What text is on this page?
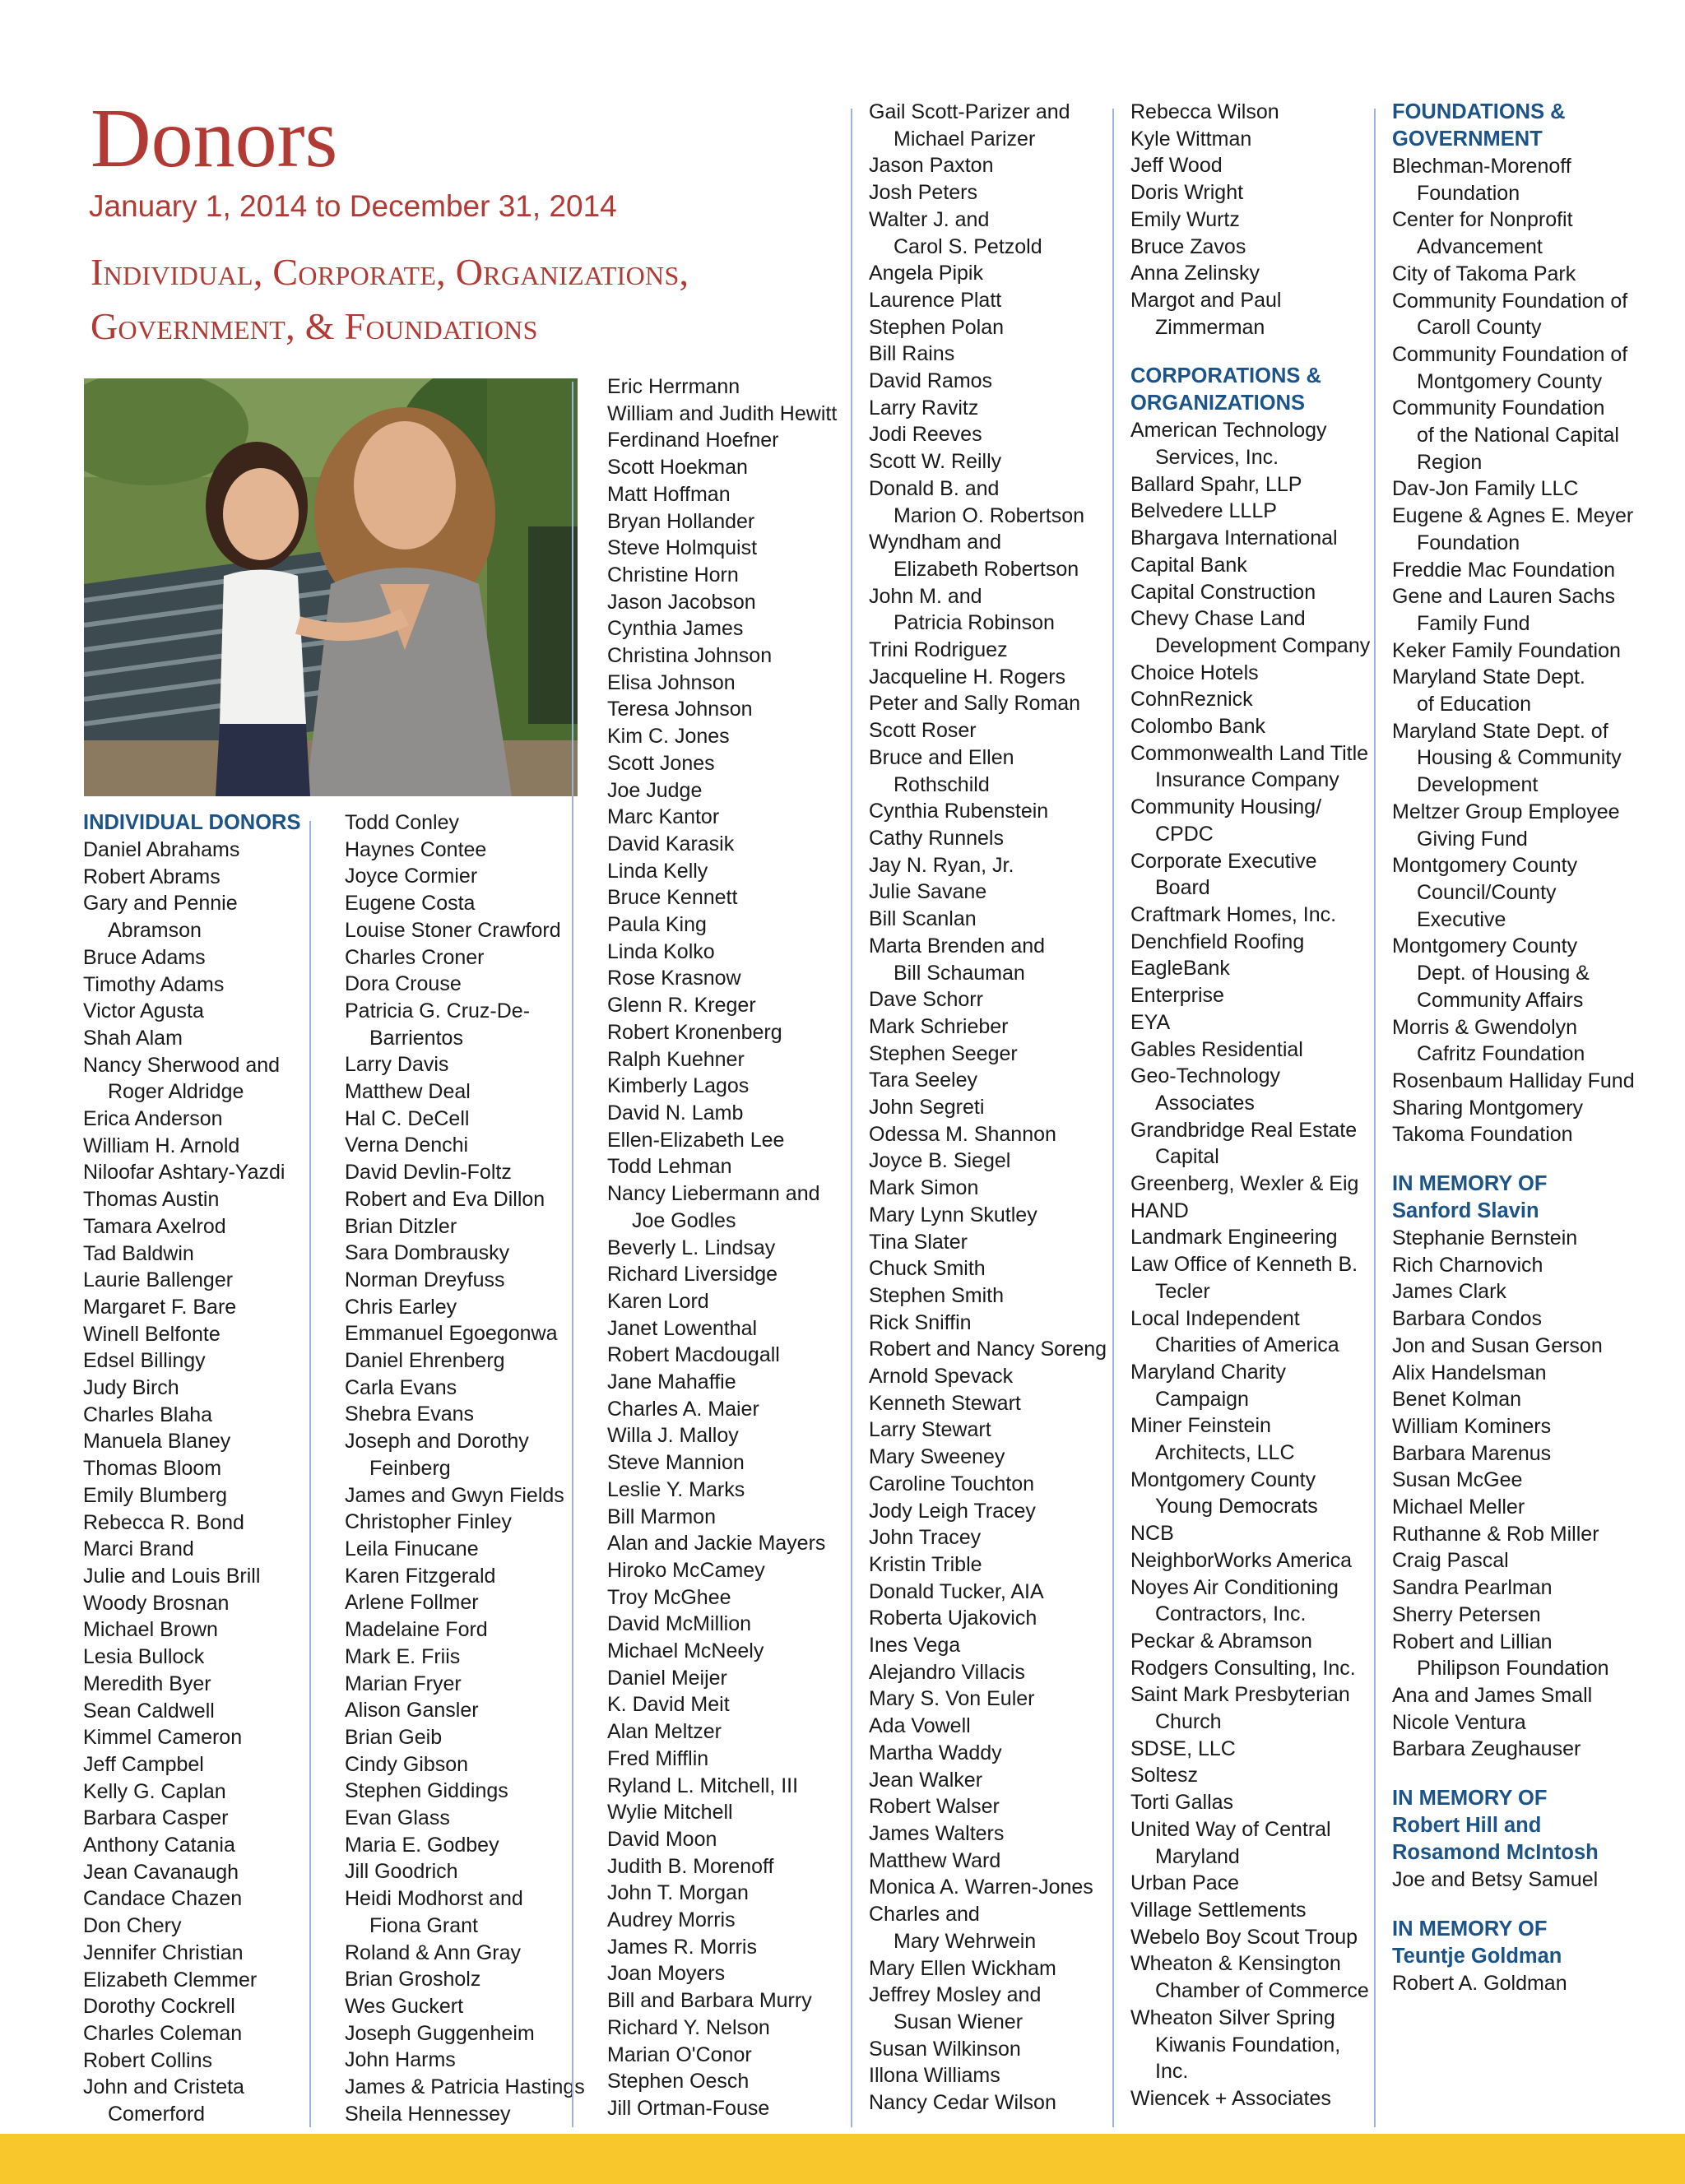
Donors
January 1, 2014 to December 31, 2014
Individual, Corporate, Organizations,
Government, & Foundations
INDIVIDUAL DONORS
Daniel Abrahams
Robert Abrams
Gary and Pennie
Abramson
Bruce Adams
Timothy Adams
Victor Agusta
Shah Alam
Nancy Sherwood and
Roger Aldridge
Erica Anderson
William H. Arnold
Niloofar Ashtary-Yazdi
Thomas Austin
Tamara Axelrod
Tad Baldwin
Laurie Ballenger
Margaret F. Bare
Winell Belfonte
Edsel Billingy
Judy Birch
Charles Blaha
Manuela Blaney
Thomas Bloom
Emily Blumberg
Rebecca R. Bond
Marci Brand
Julie and Louis Brill
Woody Brosnan
Michael Brown
Lesia Bullock
Meredith Byer
Sean Caldwell
Kimmel Cameron
Jeff Campbel
Kelly G. Caplan
Barbara Casper
Anthony Catania
Jean Cavanaugh
Candace Chazen
Don Chery
Jennifer Christian
Elizabeth Clemmer
Dorothy Cockrell
Charles Coleman
Robert Collins
John and Cristeta
Comerford
Todd Conley
Haynes Contee
Joyce Cormier
Eugene Costa
Louise Stoner Crawford
Charles Croner
Dora Crouse
Patricia G. Cruz-De-
Barrientos
Larry Davis
Matthew Deal
Hal C. DeCell
Verna Denchi
David Devlin-Foltz
Robert and Eva Dillon
Brian Ditzler
Sara Dombrausky
Norman Dreyfuss
Chris Earley
Emmanuel Egoegonwa
Daniel Ehrenberg
Carla Evans
Shebra Evans
Joseph and Dorothy
Feinberg
James and Gwyn Fields
Christopher Finley
Leila Finucane
Karen Fitzgerald
Arlene Follmer
Madelaine Ford
Mark E. Friis
Marian Fryer
Alison Gansler
Brian Geib
Cindy Gibson
Stephen Giddings
Evan Glass
Maria E. Godbey
Jill Goodrich
Heidi Modhorst and
Fiona Grant
Roland & Ann Gray
Brian Grosholz
Wes Guckert
Joseph Guggenheim
John Harms
James & Patricia Hastings
Sheila Hennessey
Eric Herrmann
William and Judith Hewitt
Ferdinand Hoefner
Scott Hoekman
Matt Hoffman
Bryan Hollander
Steve Holmquist
Christine Horn
Jason Jacobson
Cynthia James
Christina Johnson
Elisa Johnson
Teresa Johnson
Kim C. Jones
Scott Jones
Joe Judge
Marc Kantor
David Karasik
Linda Kelly
Bruce Kennett
Paula King
Linda Kolko
Rose Krasnow
Glenn R. Kreger
Robert Kronenberg
Ralph Kuehner
Kimberly Lagos
David N. Lamb
Ellen-Elizabeth Lee
Todd Lehman
Nancy Liebermann and
Joe Godles
Beverly L. Lindsay
Richard Liversidge
Karen Lord
Janet Lowenthal
Robert Macdougall
Jane Mahaffie
Charles A. Maier
Willa J. Malloy
Steve Mannion
Leslie Y. Marks
Bill Marmon
Alan and Jackie Mayers
Hiroko McCamey
Troy McGhee
David McMillion
Michael McNeely
Daniel Meijer
K. David Meit
Alan Meltzer
Fred Mifflin
Ryland L. Mitchell, III
Wylie Mitchell
David Moon
Judith B. Morenoff
John T. Morgan
Audrey Morris
James R. Morris
Joan Moyers
Bill and Barbara Murry
Richard Y. Nelson
Marian O'Conor
Stephen Oesch
Jill Ortman-Fouse
Gail Scott-Parizer and
Michael Parizer
Jason Paxton
Josh Peters
Walter J. and
Carol S. Petzold
Angela Pipik
Laurence Platt
Stephen Polan
Bill Rains
David Ramos
Larry Ravitz
Jodi Reeves
Scott W. Reilly
Donald B. and
Marion O. Robertson
Wyndham and
Elizabeth Robertson
John M. and
Patricia Robinson
Trini Rodriguez
Jacqueline H. Rogers
Peter and Sally Roman
Scott Roser
Bruce and Ellen
Rothschild
Cynthia Rubenstein
Cathy Runnels
Jay N. Ryan, Jr.
Julie Savane
Bill Scanlan
Marta Brenden and
Bill Schauman
Dave Schorr
Mark Schrieber
Stephen Seeger
Tara Seeley
John Segreti
Odessa M. Shannon
Joyce B. Siegel
Mark Simon
Mary Lynn Skutley
Tina Slater
Chuck Smith
Stephen Smith
Rick Sniffin
Robert and Nancy Soreng
Arnold Spevack
Kenneth Stewart
Larry Stewart
Mary Sweeney
Caroline Touchton
Jody Leigh Tracey
John Tracey
Kristin Trible
Donald Tucker, AIA
Roberta Ujakovich
Ines Vega
Alejandro Villacis
Mary S. Von Euler
Ada Vowell
Martha Waddy
Jean Walker
Robert Walser
James Walters
Matthew Ward
Monica A. Warren-Jones
Charles and
Mary Wehrwein
Mary Ellen Wickham
Jeffrey Mosley and
Susan Wiener
Susan Wilkinson
Illona Williams
Nancy Cedar Wilson
Rebecca Wilson
Kyle Wittman
Jeff Wood
Doris Wright
Emily Wurtz
Bruce Zavos
Anna Zelinsky
Margot and Paul
Zimmerman
CORPORATIONS &
ORGANIZATIONS
American Technology
Services, Inc.
Ballard Spahr, LLP
Belvedere LLLP
Bhargava International
Capital Bank
Capital Construction
Chevy Chase Land
Development Company
Choice Hotels
CohnReznick
Colombo Bank
Commonwealth Land Title
Insurance Company
Community Housing/
CPDC
Corporate Executive
Board
Craftmark Homes, Inc.
Denchfield Roofing
EagleBank
Enterprise
EYA
Gables Residential
Geo-Technology
Associates
Grandbridge Real Estate
Capital
Greenberg, Wexler & Eig
HAND
Landmark Engineering
Law Office of Kenneth B.
Tecler
Local Independent
Charities of America
Maryland Charity
Campaign
Miner Feinstein
Architects, LLC
Montgomery County
Young Democrats
NCB
NeighborWorks America
Noyes Air Conditioning
Contractors, Inc.
Peckar & Abramson
Rodgers Consulting, Inc.
Saint Mark Presbyterian
Church
SDSE, LLC
Soltesz
Torti Gallas
United Way of Central
Maryland
Urban Pace
Village Settlements
Webelo Boy Scout Troup
Wheaton & Kensington
Chamber of Commerce
Wheaton Silver Spring
Kiwanis Foundation,
Inc.
Wiencek + Associates
FOUNDATIONS &
GOVERNMENT
Blechman-Morenoff
Foundation
Center for Nonprofit
Advancement
City of Takoma Park
Community Foundation of
Caroll County
Community Foundation of
Montgomery County
Community Foundation
of the National Capital
Region
Dav-Jon Family LLC
Eugene & Agnes E. Meyer
Foundation
Freddie Mac Foundation
Gene and Lauren Sachs
Family Fund
Keker Family Foundation
Maryland State Dept.
of Education
Maryland State Dept. of
Housing & Community
Development
Meltzer Group Employee
Giving Fund
Montgomery County
Council/County
Executive
Montgomery County
Dept. of Housing &
Community Affairs
Morris & Gwendolyn
Cafritz Foundation
Rosenbaum Halliday Fund
Sharing Montgomery
Takoma Foundation
IN MEMORY OF
Sanford Slavin
Stephanie Bernstein
Rich Charnovich
James Clark
Barbara Condos
Jon and Susan Gerson
Alix Handelsman
Benet Kolman
William Kominers
Barbara Marenus
Susan McGee
Michael Meller
Ruthanne & Rob Miller
Craig Pascal
Sandra Pearlman
Sherry Petersen
Robert and Lillian
Philipson Foundation
Ana and James Small
Nicole Ventura
Barbara Zeughauser
IN MEMORY OF
Robert Hill and
Rosamond McIntosh
Joe and Betsy Samuel
IN MEMORY OF
Teuntje Goldman
Robert A. Goldman
